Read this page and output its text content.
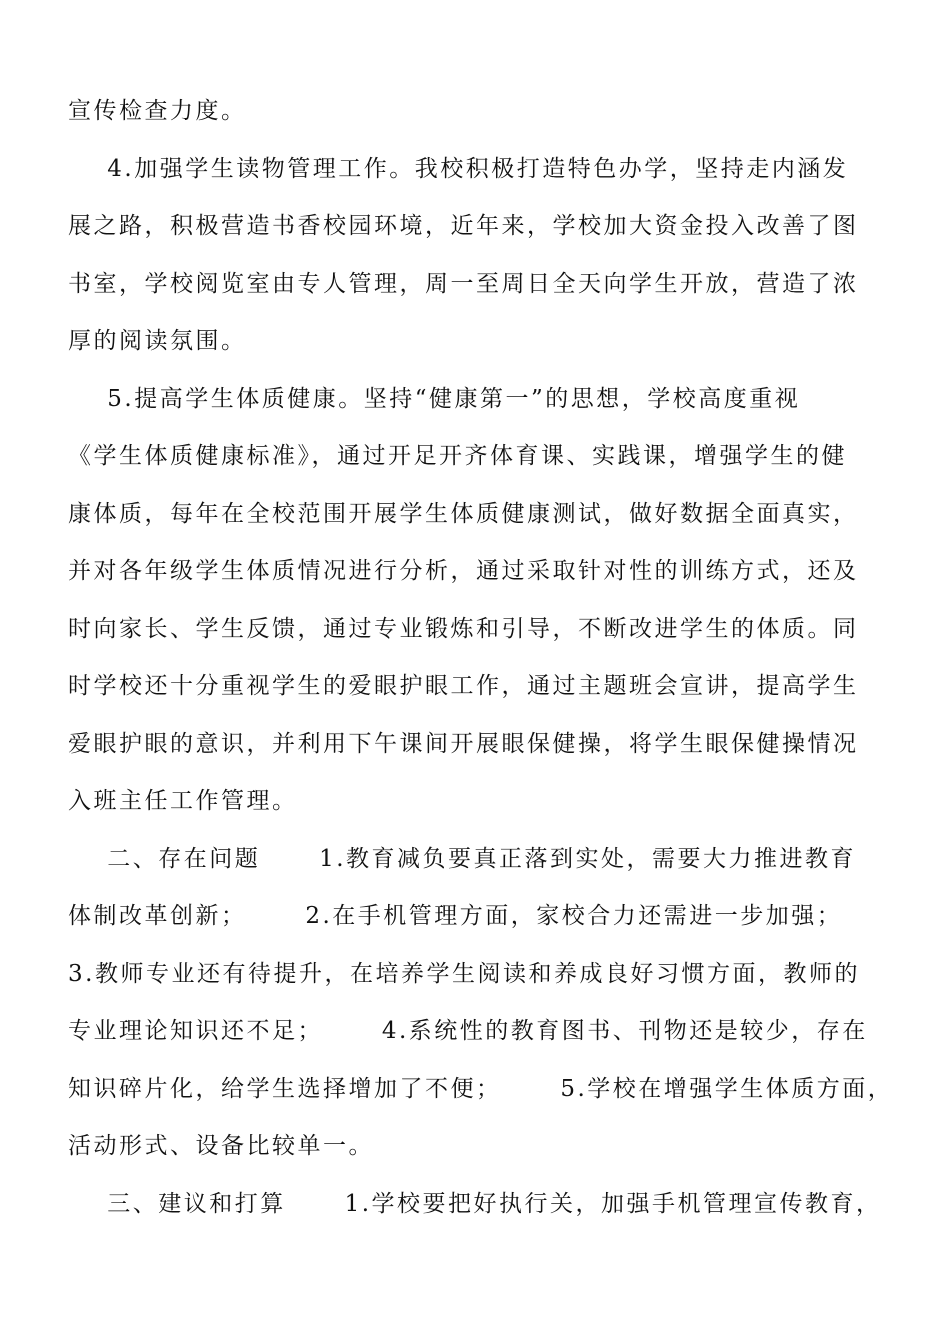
宣传检查力度。
4.加强学生读物管理工作。我校积极打造特色办学，坚持走内涵发
展之路，积极营造书香校园环境，近年来，学校加大资金投入改善了图
书室，学校阅览室由专人管理，周一至周日全天向学生开放，营造了浓
厚的阅读氛围。
5.提高学生体质健康。坚持“健康第一”的思想，学校高度重视
《学生体质健康标准》，通过开足开齐体育课、实践课，增强学生的健
康体质，每年在全校范围开展学生体质健康测试，做好数据全面真实，
并对各年级学生体质情况进行分析，通过采取针对性的训练方式，还及
时向家长、学生反馈，通过专业锻炼和引导，不断改进学生的体质。同
时学校还十分重视学生的爱眼护眼工作，通过主题班会宣讲，提高学生
爱眼护眼的意识，并利用下午课间开展眼保健操，将学生眼保健操情况
入班主任工作管理。
二、存在问题      1.教育减负要真正落到实处，需要大力推进教育
体制改革创新；      2.在手机管理方面，家校合力还需进一步加强；
3.教师专业还有待提升，在培养学生阅读和养成良好习惯方面，教师的
专业理论知识还不足；      4.系统性的教育图书、刊物还是较少，存在
知识碎片化，给学生选择增加了不便；      5.学校在增强学生体质方面，
活动形式、设备比较单一。
三、建议和打算      1.学校要把好执行关，加强手机管理宣传教育，
